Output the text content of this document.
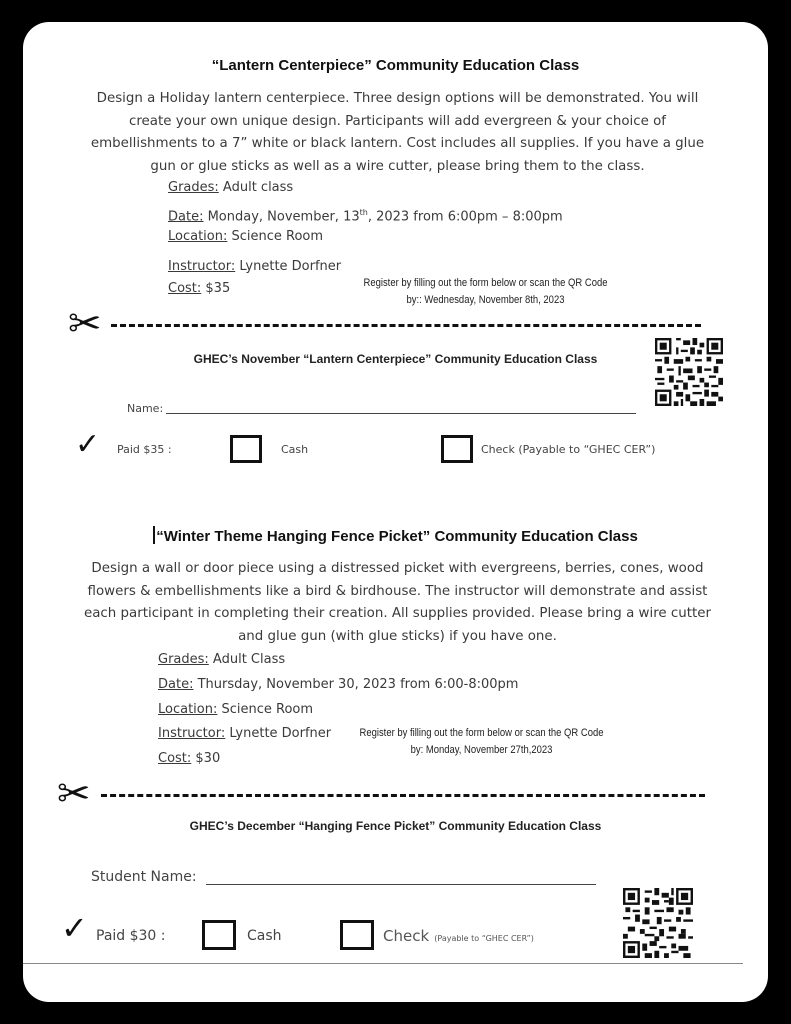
“Lantern Centerpiece” Community Education Class
Design a Holiday lantern centerpiece. Three design options will be demonstrated. You will create your own unique design. Participants will add evergreen & your choice of embellishments to a 7” white or black lantern. Cost includes all supplies. If you have a glue gun or glue sticks as well as a wire cutter, please bring them to the class.
Grades: Adult class
Date: Monday, November, 13th, 2023 from 6:00pm – 8:00pm
Location: Science Room
Instructor: Lynette Dorfner
Cost: $35	Register by filling out the form below or scan the QR Code
by:: Wednesday, November 8th, 2023
✂
GHEC’s November “Lantern Centerpiece” Community Education Class
Name:
✓ Paid $35 :	Cash	Check (Payable to “GHEC CER”)
“Winter Theme Hanging Fence Picket” Community Education Class
Design a wall or door piece using a distressed picket with evergreens, berries, cones, wood flowers & embellishments like a bird & birdhouse. The instructor will demonstrate and assist each participant in completing their creation. All supplies provided. Please bring a wire cutter and glue gun (with glue sticks) if you have one.
Grades: Adult Class
Date: Thursday, November 30, 2023 from 6:00-8:00pm
Location: Science Room
Instructor: Lynette Dorfner
Cost: $30
Register by filling out the form below or scan the QR Code
by: Monday, November 27th,2023
✂
GHEC’s December “Hanging Fence Picket” Community Education Class
Student Name:
✓ Paid $30 :	Cash	Check (Payable to “GHEC CER”)
